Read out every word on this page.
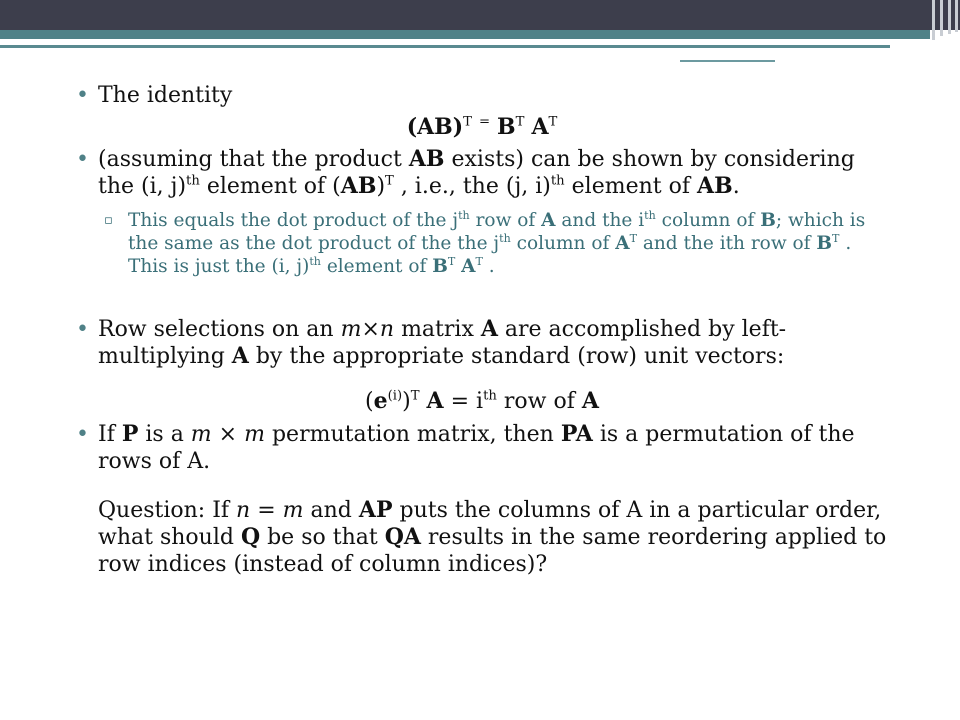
• The identity
(AB)$^T$ = $B^T$ $A^T$
• (assuming that the product AB exists) can be shown by considering the (i, j)$^{th}$ element of (AB)$^T$ , i.e., the (j, i)$^{th}$ element of AB.
▫ This equals the dot product of the $j^{th}$ row of A and the $i^{th}$ column of B; which is the same as the dot product of the the $j^{th}$ column of $A^T$ and the ith row of $B^T$ . This is just the (i, j)$^{th}$ element of $B^T$ $A^T$ .
• Row selections on an m×n matrix A are accomplished by left-multiplying A by the appropriate standard (row) unit vectors:
$(e^{(i)})^T$ $A = i^{th}$ row of A
• If P is a m × m permutation matrix, then PA is a permutation of the rows of A.
Question: If n = m and AP puts the columns of A in a particular order, what should Q be so that QA results in the same reordering applied to row indices (instead of column indices)?
